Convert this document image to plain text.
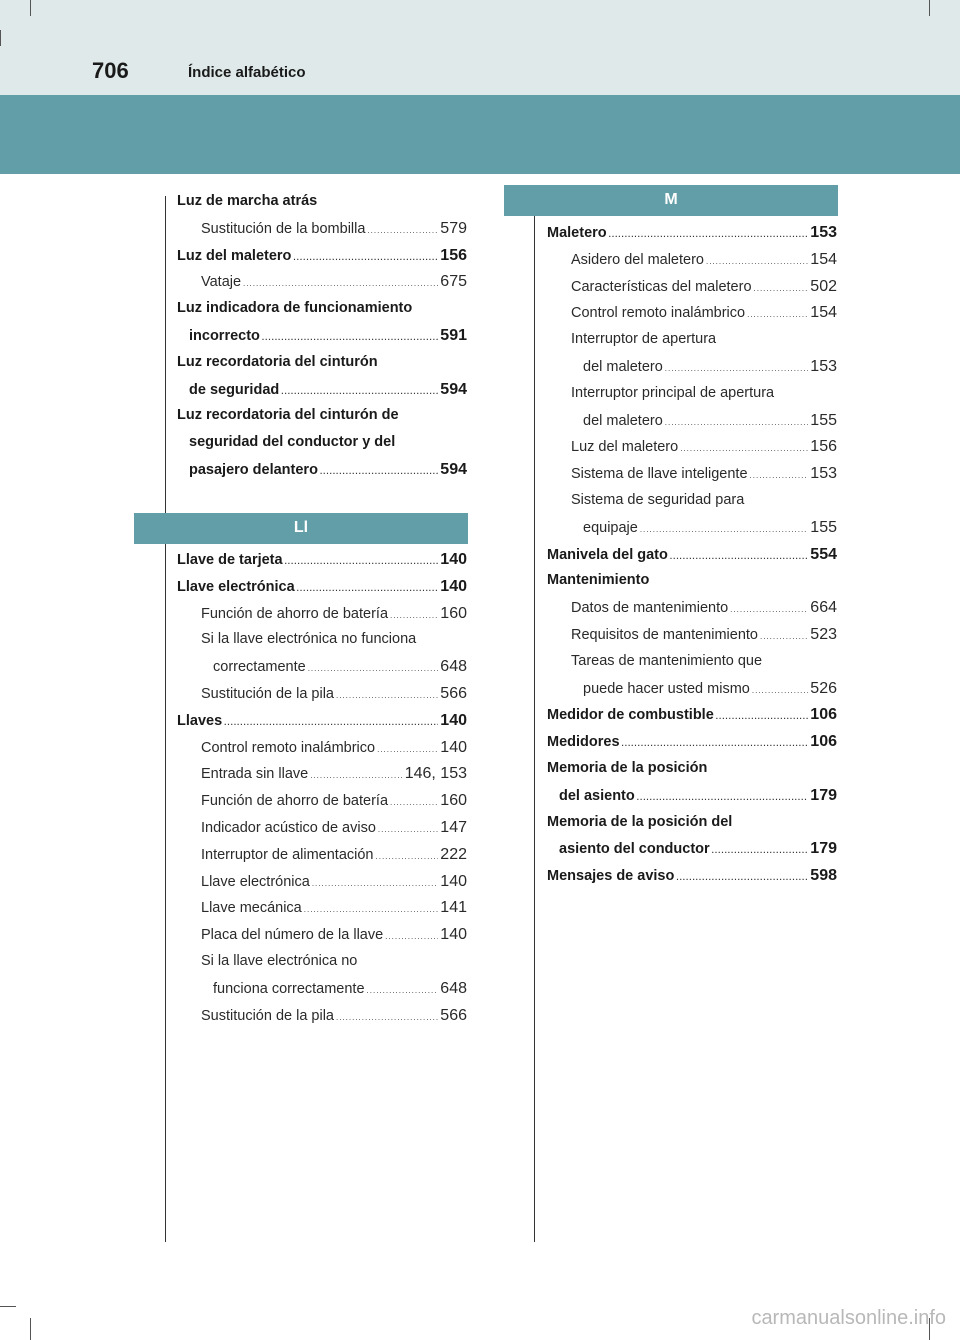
706	Índice alfabético
Ll
M
Luz de marcha atrás
Sustitución de la bombilla .....	579
Luz del maletero .....	156
Vataje .....	675
Luz indicadora de funcionamiento
incorrecto .....	591
Luz recordatoria del cinturón
de seguridad .....	594
Luz recordatoria del cinturón de
seguridad del conductor y del
pasajero delantero .....	594
Llave de tarjeta .....	140
Llave electrónica .....	140
Función de ahorro de batería .....	160
Si la llave electrónica no funciona
correctamente .....	648
Sustitución de la pila .....	566
Llaves .....	140
Control remoto inalámbrico .....	140
Entrada sin llave .....	146, 153
Función de ahorro de batería .....	160
Indicador acústico de aviso .....	147
Interruptor de alimentación .....	222
Llave electrónica .....	140
Llave mecánica .....	141
Placa del número de la llave .....	140
Si la llave electrónica no
funciona correctamente .....	648
Sustitución de la pila .....	566
Maletero .....	153
Asidero del maletero .....	154
Características del maletero .....	502
Control remoto inalámbrico .....	154
Interruptor de apertura
del maletero .....	153
Interruptor principal de apertura
del maletero .....	155
Luz del maletero .....	156
Sistema de llave inteligente .....	153
Sistema de seguridad para
equipaje .....	155
Manivela del gato .....	554
Mantenimiento
Datos de mantenimiento .....	664
Requisitos de mantenimiento .....	523
Tareas de mantenimiento que
puede hacer usted mismo .....	526
Medidor de combustible .....	106
Medidores .....	106
Memoria de la posición
del asiento .....	179
Memoria de la posición del
asiento del conductor .....	179
Mensajes de aviso .....	598
carmanualsonline.info
